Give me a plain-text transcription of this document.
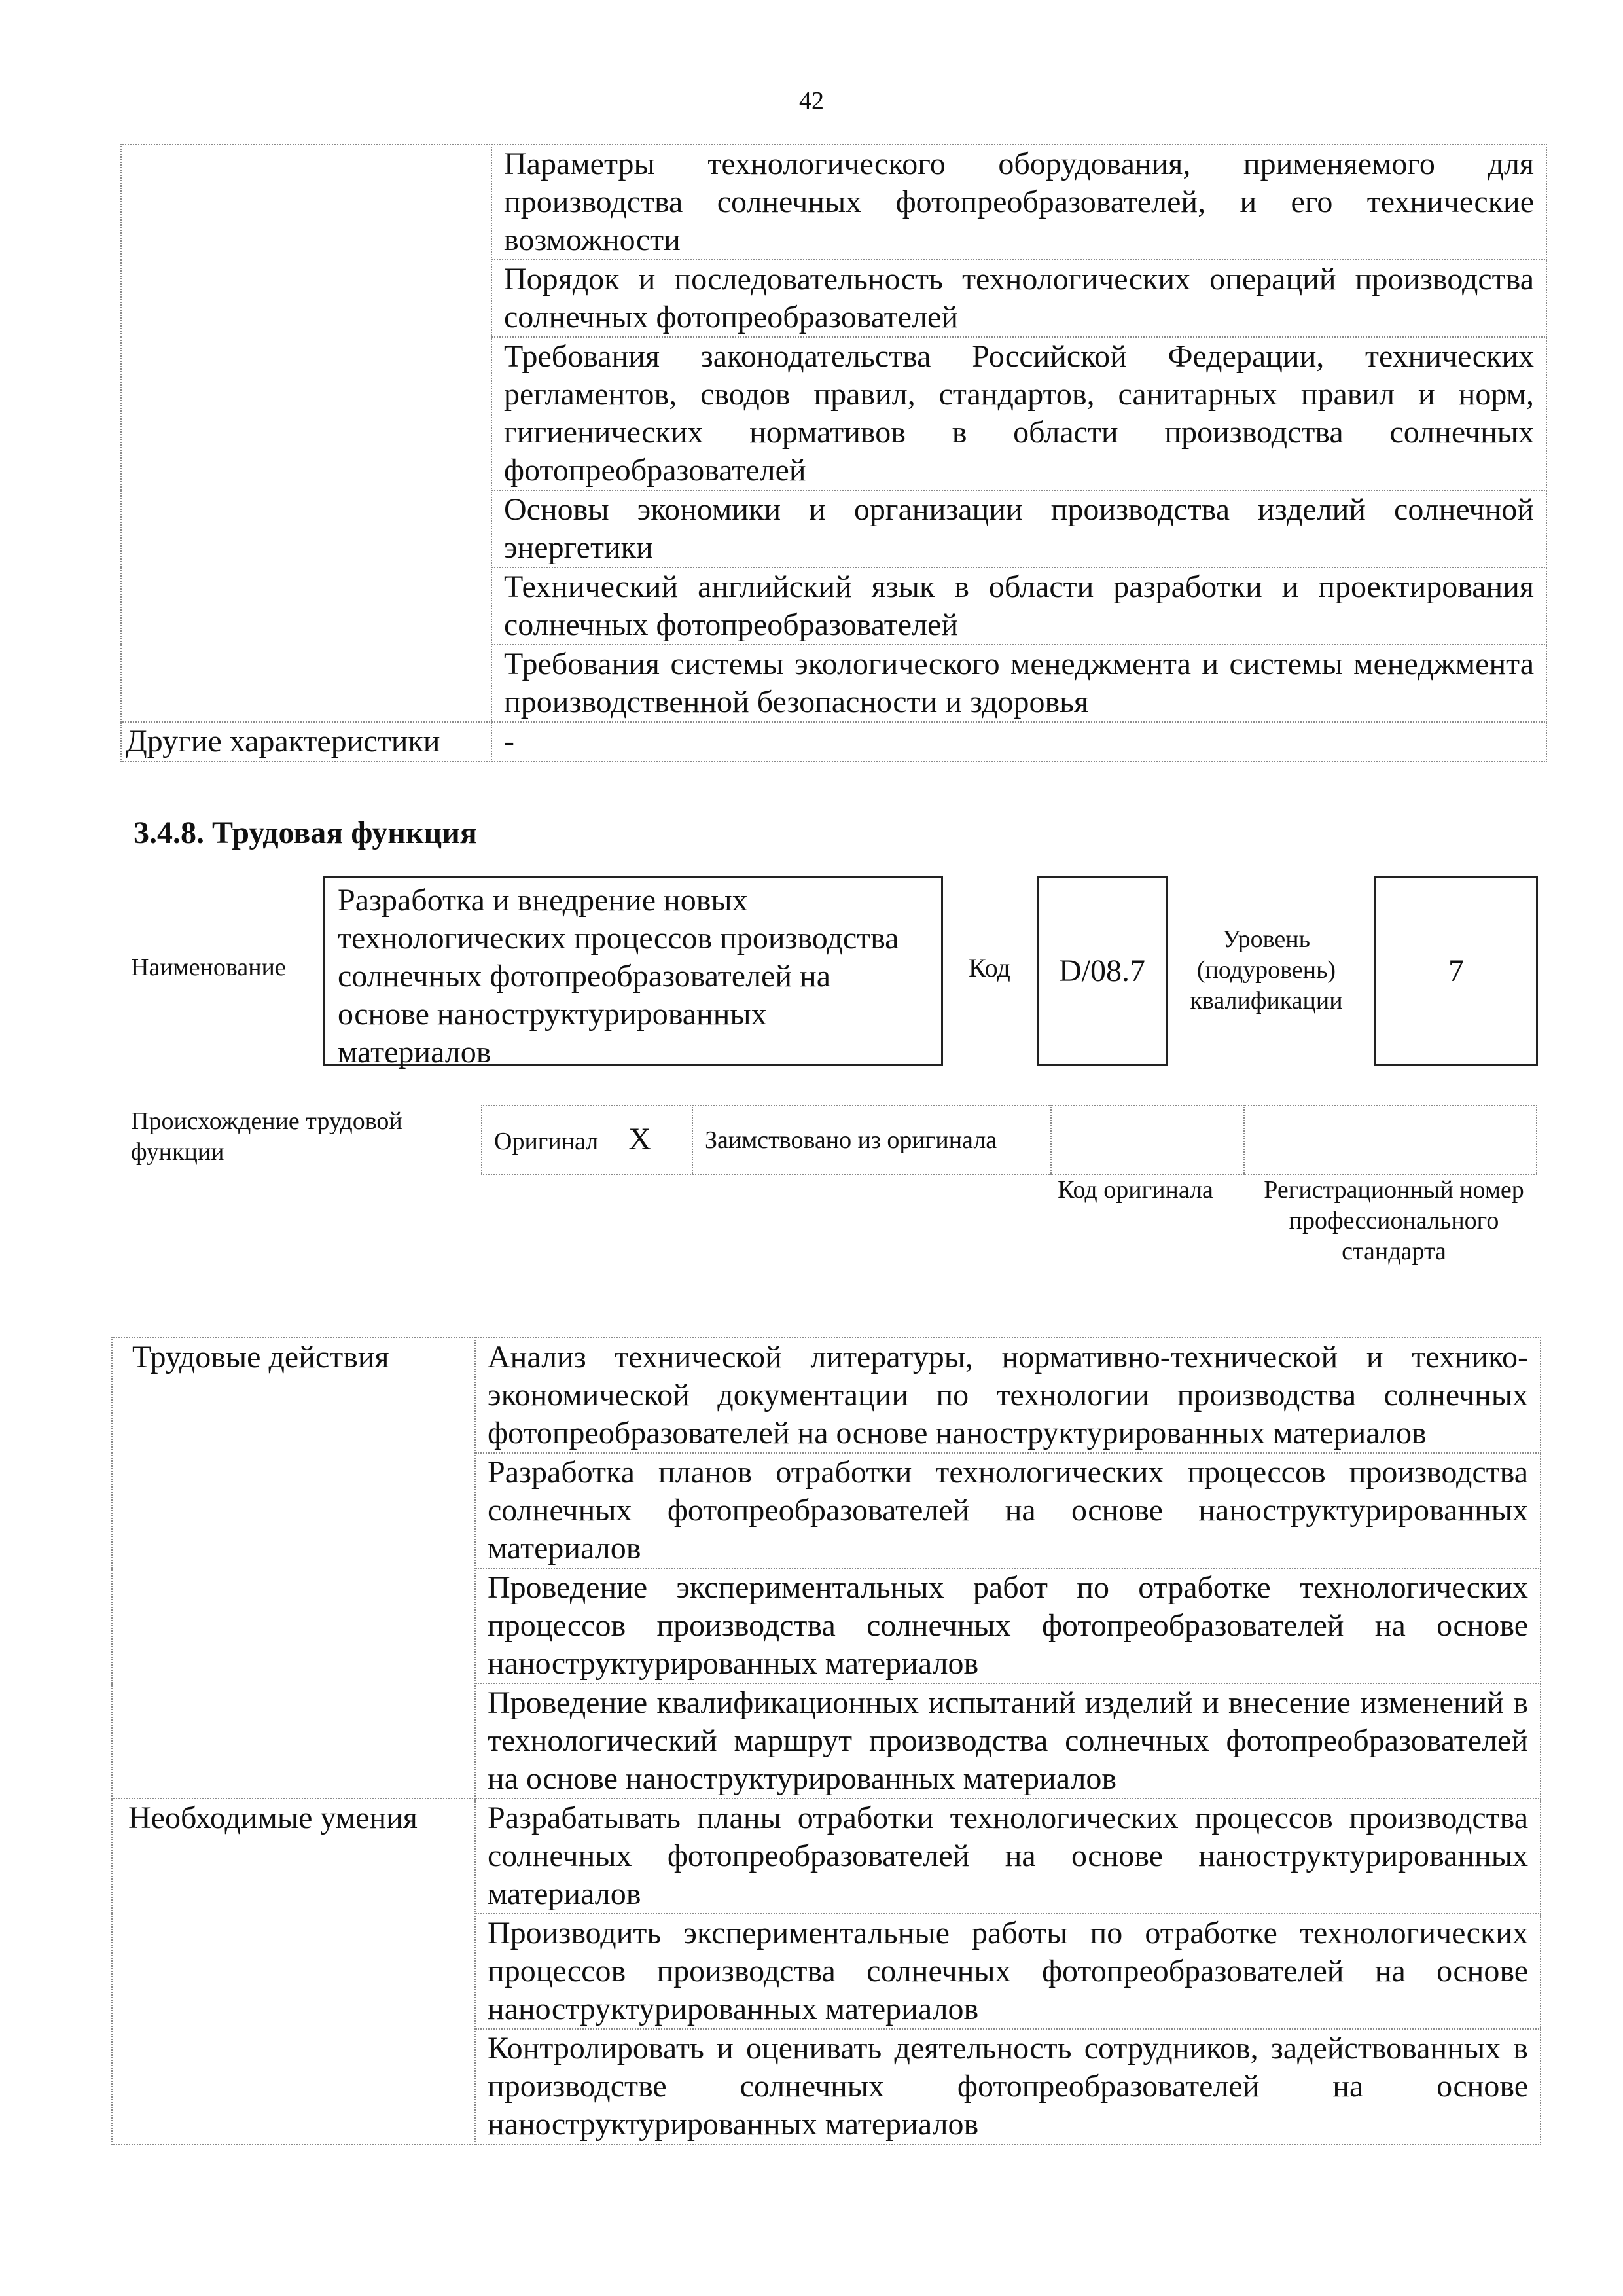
42
	Параметры технологического оборудования, применяемого для производства солнечных фотопреобразователей, и его технические возможности
	Порядок и последовательность технологических операций производства солнечных фотопреобразователей
	Требования законодательства Российской Федерации, технических регламентов, сводов правил, стандартов, санитарных правил и норм, гигиенических нормативов в области производства солнечных фотопреобразователей
	Основы экономики и организации производства изделий солнечной энергетики
	Технический английский язык в области разработки и проектирования солнечных фотопреобразователей
	Требования системы экологического менеджмента и системы менеджмента производственной безопасности и здоровья
Другие характеристики	-
3.4.8. Трудовая функция
Наименование
Разработка и внедрение новых технологических процессов производства солнечных фотопреобразователей на основе наноструктурированных материалов
Код	D/08.7
Уровень (подуровень) квалификации
7
Происхождение трудовой функции	Оригинал X	Заимствовано из оригинала		
Код оригинала	Регистрационный номер профессионального стандарта
Трудовые действия	Анализ технической литературы, нормативно-технической и технико-экономической документации по технологии производства солнечных фотопреобразователей на основе наноструктурированных материалов
	Разработка планов отработки технологических процессов производства солнечных фотопреобразователей на основе наноструктурированных материалов
	Проведение экспериментальных работ по отработке технологических процессов производства солнечных фотопреобразователей на основе наноструктурированных материалов
	Проведение квалификационных испытаний изделий и внесение изменений в технологический маршрут производства солнечных фотопреобразователей на основе наноструктурированных материалов
Необходимые умения	Разрабатывать планы отработки технологических процессов производства солнечных фотопреобразователей на основе наноструктурированных материалов
	Производить экспериментальные работы по отработке технологических процессов производства солнечных фотопреобразователей на основе наноструктурированных материалов
	Контролировать и оценивать деятельность сотрудников, задействованных в производстве солнечных фотопреобразователей на основе наноструктурированных материалов
